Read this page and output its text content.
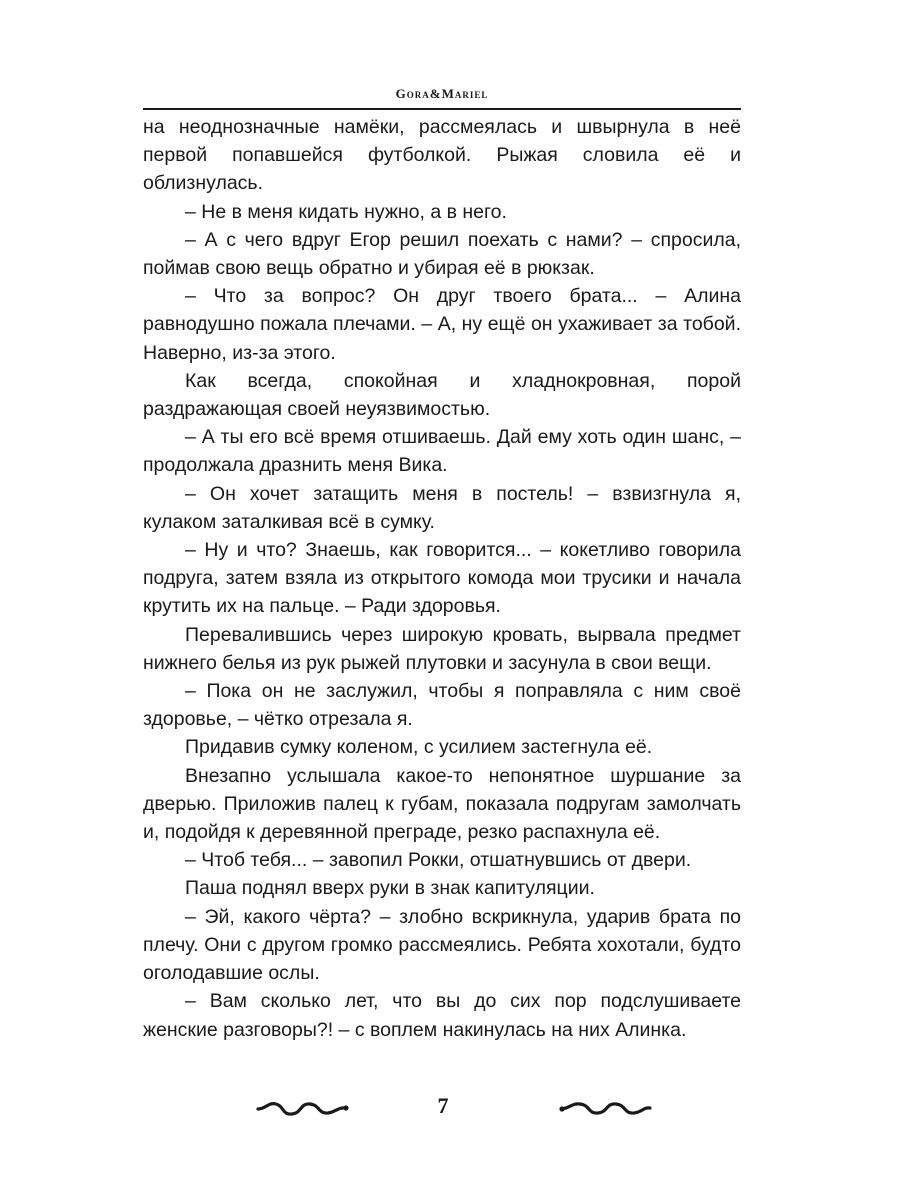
Gora&Mariel

на неоднозначные намёки, рассмеялась и швырнула в неё первой попавшейся футболкой. Рыжая словила её и облизнулась.

– Не в меня кидать нужно, а в него.

– А с чего вдруг Егор решил поехать с нами? – спросила, поймав свою вещь обратно и убирая её в рюкзак.

– Что за вопрос? Он друг твоего брата... – Алина равнодушно пожала плечами. – А, ну ещё он ухаживает за тобой. Наверно, из-за этого.

Как всегда, спокойная и хладнокровная, порой раздражающая своей неуязвимостью.

– А ты его всё время отшиваешь. Дай ему хоть один шанс, – продолжала дразнить меня Вика.

– Он хочет затащить меня в постель! – взвизгнула я, кулаком заталкивая всё в сумку.

– Ну и что? Знаешь, как говорится... – кокетливо говорила подруга, затем взяла из открытого комода мои трусики и начала крутить их на пальце. – Ради здоровья.

Перевалившись через широкую кровать, вырвала предмет нижнего белья из рук рыжей плутовки и засунула в свои вещи.

– Пока он не заслужил, чтобы я поправляла с ним своё здоровье, – чётко отрезала я.

Придавив сумку коленом, с усилием застегнула её.

Внезапно услышала какое-то непонятное шуршание за дверью. Приложив палец к губам, показала подругам замолчать и, подойдя к деревянной преграде, резко распахнула её.

– Чтоб тебя... – завопил Рокки, отшатнувшись от двери.

Паша поднял вверх руки в знак капитуляции.

– Эй, какого чёрта? – злобно вскрикнула, ударив брата по плечу. Они с другом громко рассмеялись. Ребята хохотали, будто оголодавшие ослы.

– Вам сколько лет, что вы до сих пор подслушиваете женские разговоры?! – с воплем накинулась на них Алинка.

7
